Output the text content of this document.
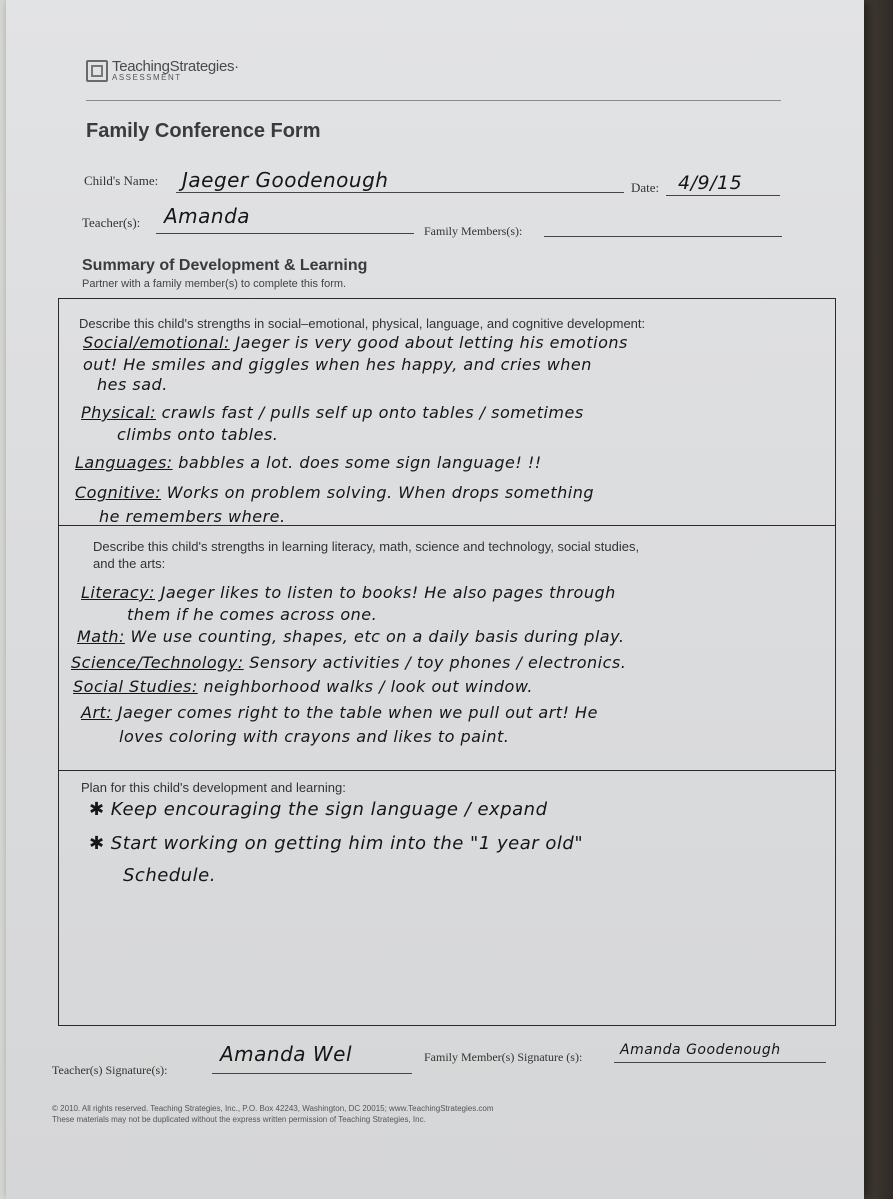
TeachingStrategies·
ASSESSMENT
Family Conference Form
Child's Name: Jaeger Goodenough	Date: 4/9/15
Teacher(s): Amanda
Family Members(s):
Summary of Development & Learning
Partner with a family member(s) to complete this form.
Describe this child's strengths in social–emotional, physical, language, and cognitive development:
Social/emotional: Jaeger is very good about letting his emotions
out! He smiles and giggles when hes happy, and cries when
hes sad.
Physical: crawls fast / pulls self up onto tables / sometimes
climbs onto tables.
Languages: babbles a lot. does some sign language! !!
Cognitive: Works on problem solving. When drops something
he remembers where.
Describe this child's strengths in learning literacy, math, science and technology, social studies,
and the arts:
Literacy: Jaeger likes to listen to books! He also pages through
them if he comes across one.
Math: We use counting, shapes, etc on a daily basis during play.
Science/Technology: Sensory activities / toy phones / electronics.
Social Studies: neighborhood walks / look out window.
Art: Jaeger comes right to the table when we pull out art! He
loves coloring with crayons and likes to paint.
Plan for this child's development and learning:
✱ Keep encouraging the sign language / expand
✱ Start working on getting him into the "1 year old"
Schedule.
Teacher(s) Signature(s):
Amanda Wel	Family Member(s) Signature (s):	Amanda Goodenough
© 2010. All rights reserved. Teaching Strategies, Inc., P.O. Box 42243, Washington, DC 20015; www.TeachingStrategies.com
These materials may not be duplicated without the express written permission of Teaching Strategies, Inc.
